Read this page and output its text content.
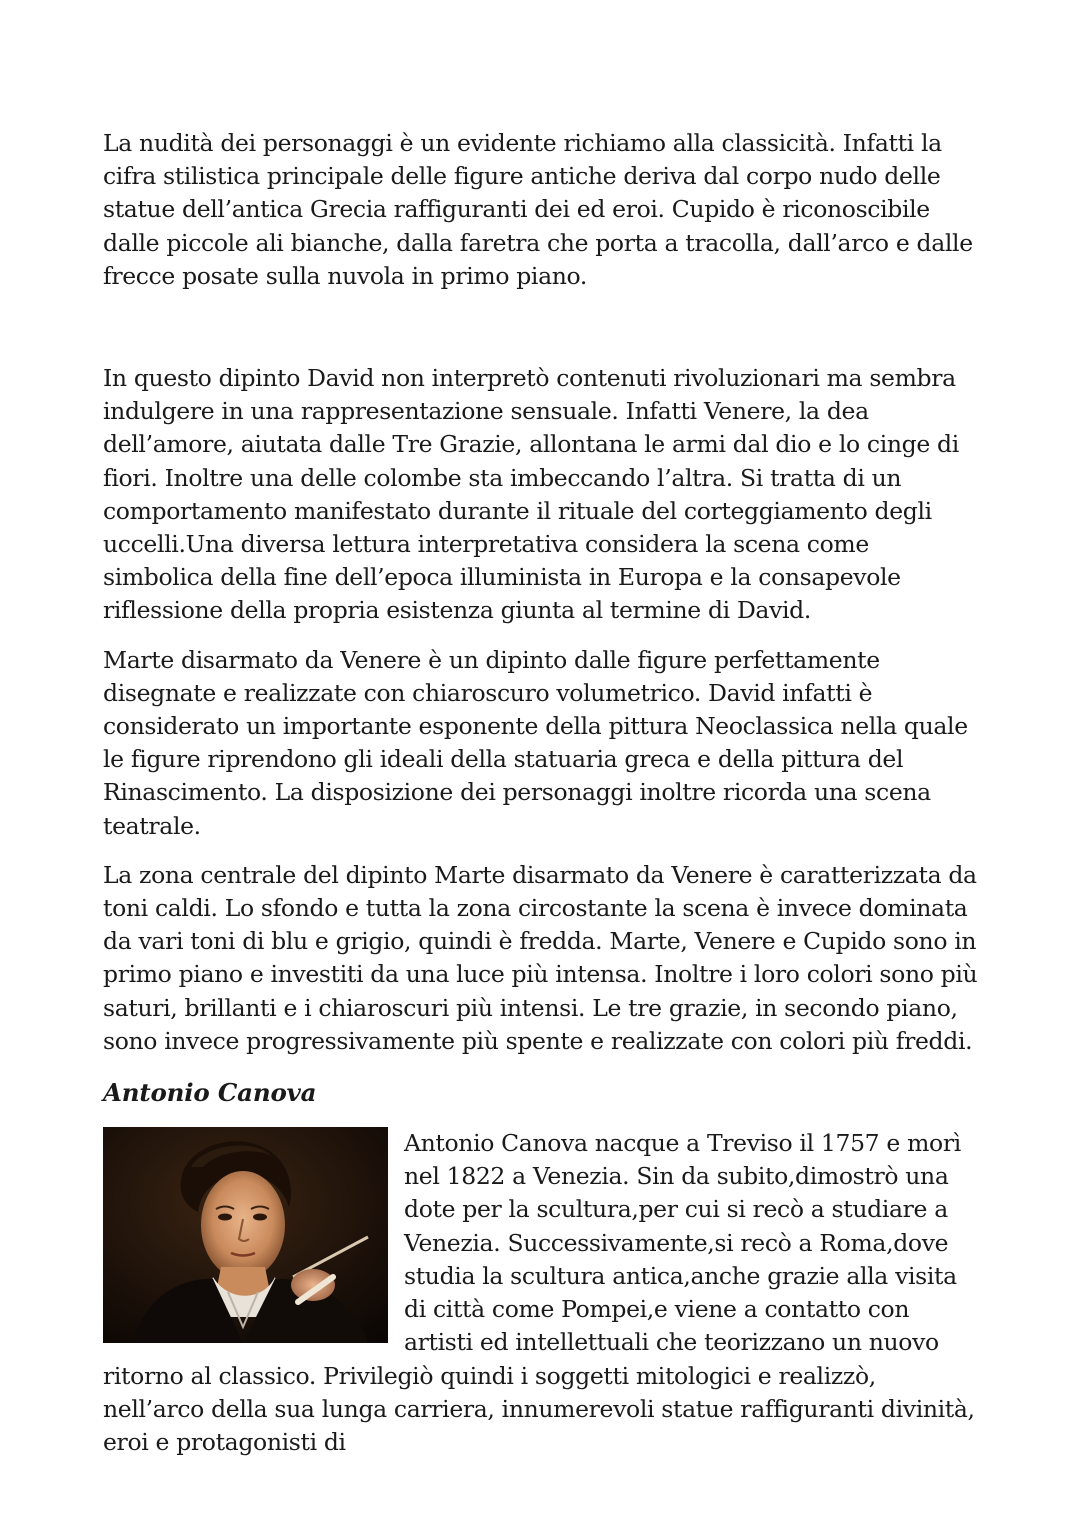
La nudità dei personaggi è un evidente richiamo alla classicità. Infatti la cifra stilistica principale delle figure antiche deriva dal corpo nudo delle statue dell’antica Grecia raffiguranti dei ed eroi. Cupido è riconoscibile dalle piccole ali bianche, dalla faretra che porta a tracolla, dall’arco e dalle frecce posate sulla nuvola in primo piano.

In questo dipinto David non interpretò contenuti rivoluzionari ma sembra indulgere in una rappresentazione sensuale. Infatti Venere, la dea dell’amore, aiutata dalle Tre Grazie, allontana le armi dal dio e lo cinge di fiori. Inoltre una delle colombe sta imbeccando l’altra. Si tratta di un comportamento manifestato durante il rituale del corteggiamento degli uccelli.Una diversa lettura interpretativa considera la scena come simbolica della fine dell’epoca illuminista in Europa e la consapevole riflessione della propria esistenza giunta al termine di David.

Marte disarmato da Venere è un dipinto dalle figure perfettamente disegnate e realizzate con chiaroscuro volumetrico. David infatti è considerato un importante esponente della pittura Neoclassica nella quale le figure riprendono gli ideali della statuaria greca e della pittura del Rinascimento. La disposizione dei personaggi inoltre ricorda una scena teatrale.

La zona centrale del dipinto Marte disarmato da Venere è caratterizzata da toni caldi. Lo sfondo e tutta la zona circostante la scena è invece dominata da vari toni di blu e grigio, quindi è fredda. Marte, Venere e Cupido sono in primo piano e investiti da una luce più intensa. Inoltre i loro colori sono più saturi, brillanti e i chiaroscuri più intensi. Le tre grazie, in secondo piano, sono invece progressivamente più spente e realizzate con colori più freddi.

Antonio Canova
Antonio Canova nacque a Treviso il 1757 e morì nel 1822 a Venezia. Sin da subito,dimostrò una dote per la scultura,per cui si recò a studiare a Venezia. Successivamente,si recò a Roma,dove studia la scultura antica,anche grazie alla visita di città come Pompei,e viene a contatto con artisti ed intellettuali che teorizzano un nuovo ritorno al classico. Privilegiò quindi i soggetti mitologici e realizzò, nell’arco della sua lunga carriera, innumerevoli statue raffiguranti divinità, eroi e protagonisti di
